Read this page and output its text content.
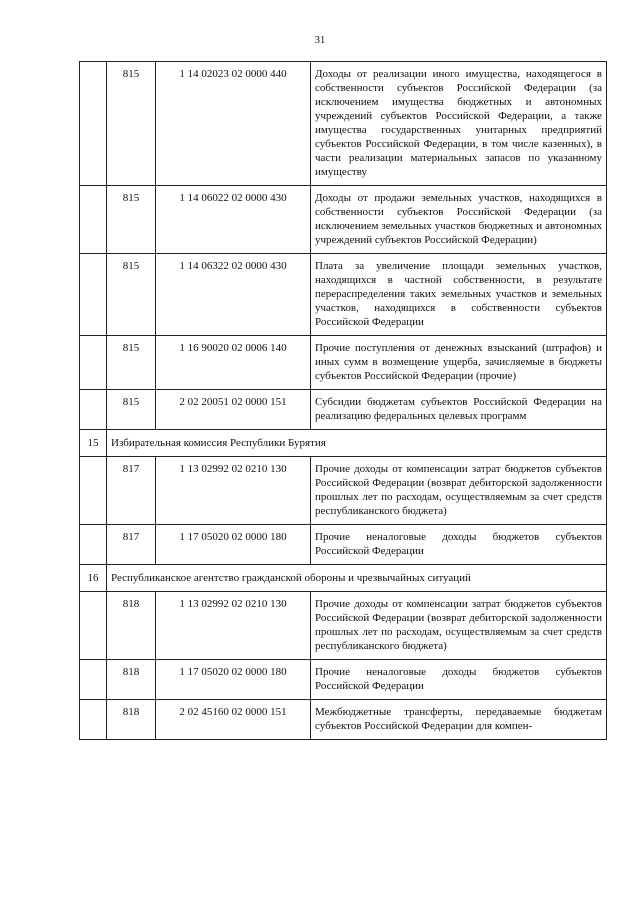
31
	815	1 14 02023 02 0000 440	Доходы от реализации иного имущества, находящегося в собственности субъектов Российской Федерации (за исключением имущества бюджетных и автономных учреждений субъектов Российской Федерации, а также имущества государственных унитарных предприятий субъектов Российской Федерации, в том числе казенных), в части реализации материальных запасов по указанному имуществу
	815	1 14 06022 02 0000 430	Доходы от продажи земельных участков, находящихся в собственности субъектов Российской Федерации (за исключением земельных участков бюджетных и автономных учреждений субъектов Российской Федерации)
	815	1 14 06322 02 0000 430	Плата за увеличение площади земельных участков, находящихся в частной собственности, в результате перераспределения таких земельных участков и земельных участков, находящихся в собственности субъектов Российской Федерации
	815	1 16 90020 02 0006 140	Прочие поступления от денежных взысканий (штрафов) и иных сумм в возмещение ущерба, зачисляемые в бюджеты субъектов Российской Федерации (прочие)
	815	2 02 20051 02 0000 151	Субсидии бюджетам субъектов Российской Федерации на реализацию федеральных целевых программ
15	Избирательная комиссия Республики Бурятия		
	817	1 13 02992 02 0210 130	Прочие доходы от компенсации затрат бюджетов субъектов Российской Федерации (возврат дебиторской задолженности прошлых лет по расходам, осуществляемым за счет средств республиканского бюджета)
	817	1 17 05020 02 0000 180	Прочие неналоговые доходы бюджетов субъектов Российской Федерации
16	Республиканское агентство гражданской обороны и чрезвычайных ситуаций		
	818	1 13 02992 02 0210 130	Прочие доходы от компенсации затрат бюджетов субъектов Российской Федерации (возврат дебиторской задолженности прошлых лет по расходам, осуществляемым за счет средств республиканского бюджета)
	818	1 17 05020 02 0000 180	Прочие неналоговые доходы бюджетов субъектов Российской Федерации
	818	2 02 45160 02 0000 151	Межбюджетные трансферты, передаваемые бюджетам субъектов Российской Федерации для компен-
